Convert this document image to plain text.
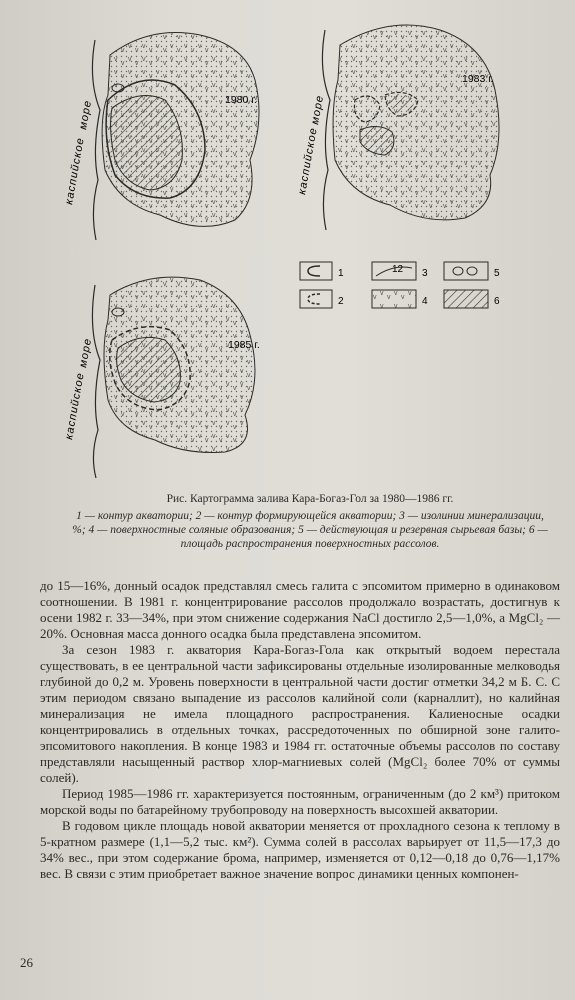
1980 г.
каспийское
море
1983 г.
каспийское
море
1
2
12 3
4
5
6
1985 г.
каспийское
море
Рис. Картограмма залива Кара-Богаз-Гол за 1980—1986 гг.
1 — контур акватории; 2 — контур формирующейся акватории; 3 — изолинии минерализации, %; 4 — поверхностные соляные образования; 5 — действующая и резервная сырьевая базы; 6 — площадь распространения поверхностных рассолов.

до 15—16%, донный осадок представлял смесь галита с эпсомитом примерно в одинаковом соотношении. В 1981 г. концентрирование рассолов продолжало возрастать, достигнув к осени 1982 г. 33—34%, при этом снижение содержания NaCl достигло 2,5—1,0%, а MgCl₂ — 20%. Основная масса донного осадка была представлена эпсомитом.

За сезон 1983 г. акватория Кара-Богаз-Гола как открытый водоем перестала существовать, в ее центральной части зафиксированы отдельные изолированные мелководья глубиной до 0,2 м. Уровень поверхности в центральной части достиг отметки 34,2 м Б. С. С этим периодом связано выпадение из рассолов калийной соли (карналлит), но калийная минерализация не имела площадного распространения. Калиеносные осадки концентрировались в отдельных точках, рассредоточенных по обширной зоне галито-эпсомитового накопления. В конце 1983 и 1984 гг. остаточные объемы рассолов по составу представляли насыщенный раствор хлор-магниевых солей (MgCl₂ более 70% от суммы солей).

Период 1985—1986 гг. характеризуется постоянным, ограниченным (до 2 км³) притоком морской воды по батарейному трубопроводу на поверхность высохшей акватории.

В годовом цикле площадь новой акватории меняется от прохладного сезона к теплому в 5-кратном размере (1,1—5,2 тыс. км²). Сумма солей в рассолах варьирует от 11,5—17,3 до 34% вес., при этом содержание брома, например, изменяется от 0,12—0,18 до 0,76—1,17% вес. В связи с этим приобретает важное значение вопрос динамики ценных компонен-

26
